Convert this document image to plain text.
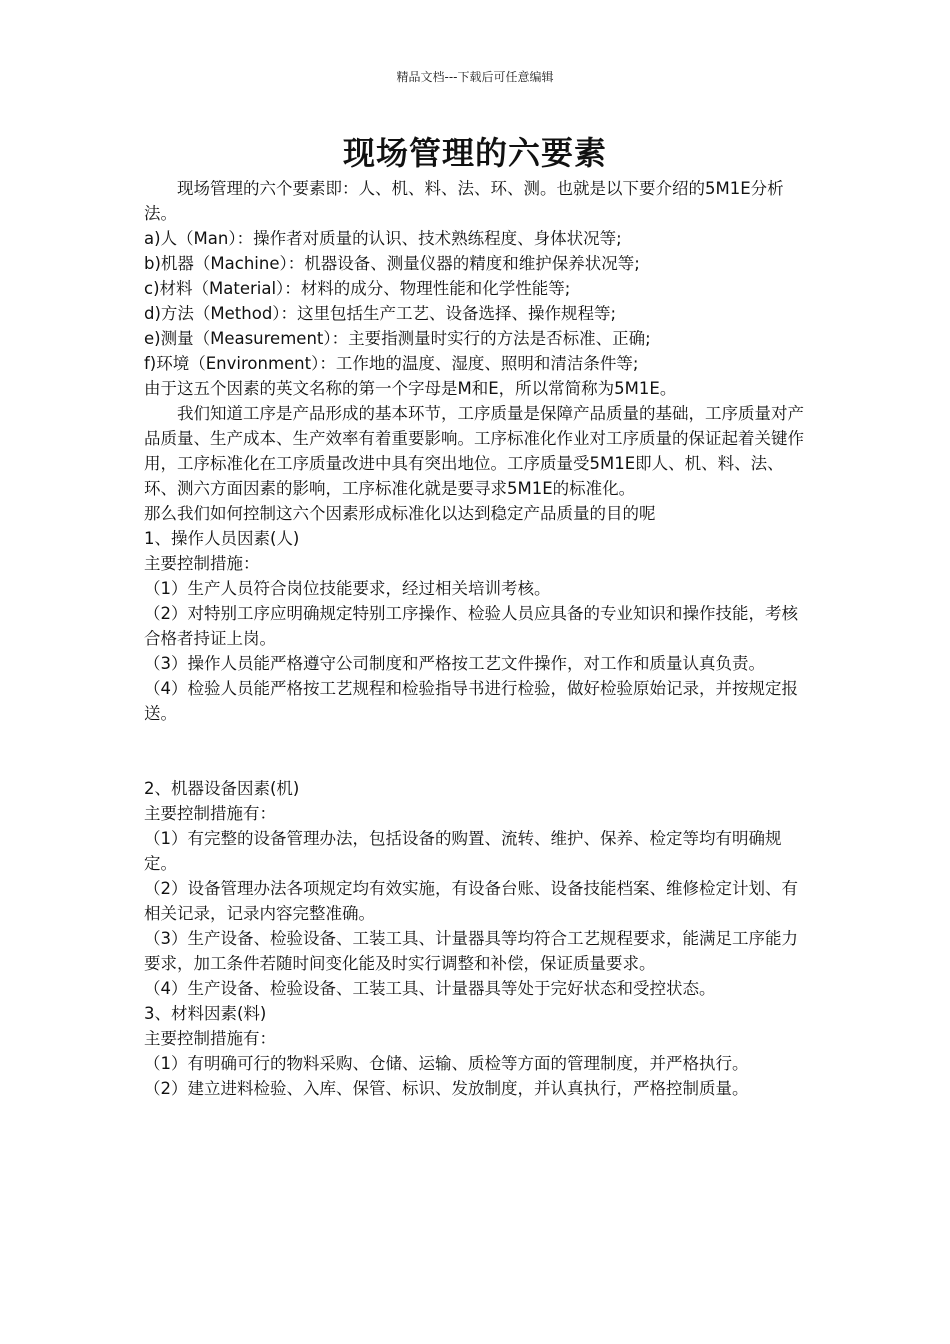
精品文档---下载后可任意编辑
现场管理的六要素

现场管理的六个要素即：人、机、料、法、环、测。也就是以下要介绍的5M1E分析法。

a)人（Man）：操作者对质量的认识、技术熟练程度、身体状况等;

b)机器（Machine）：机器设备、测量仪器的精度和维护保养状况等;

c)材料（Material）：材料的成分、物理性能和化学性能等;

d)方法（Method）：这里包括生产工艺、设备选择、操作规程等;

e)测量（Measurement）：主要指测量时实行的方法是否标准、正确;

f)环境（Environment）：工作地的温度、湿度、照明和清洁条件等;

由于这五个因素的英文名称的第一个字母是M和E，所以常简称为5M1E。

我们知道工序是产品形成的基本环节，工序质量是保障产品质量的基础，工序质量对产品质量、生产成本、生产效率有着重要影响。工序标准化作业对工序质量的保证起着关键作用，工序标准化在工序质量改进中具有突出地位。工序质量受5M1E即人、机、料、法、环、测六方面因素的影响，工序标准化就是要寻求5M1E的标准化。

那么我们如何控制这六个因素形成标准化以达到稳定产品质量的目的呢

1、操作人员因素(人)

主要控制措施：

（1）生产人员符合岗位技能要求，经过相关培训考核。

（2）对特别工序应明确规定特别工序操作、检验人员应具备的专业知识和操作技能，考核合格者持证上岗。

（3）操作人员能严格遵守公司制度和严格按工艺文件操作，对工作和质量认真负责。

（4）检验人员能严格按工艺规程和检验指导书进行检验，做好检验原始记录，并按规定报送。

2、机器设备因素(机)

主要控制措施有：

（1）有完整的设备管理办法，包括设备的购置、流转、维护、保养、检定等均有明确规定。

（2）设备管理办法各项规定均有效实施，有设备台账、设备技能档案、维修检定计划、有相关记录，记录内容完整准确。

（3）生产设备、检验设备、工装工具、计量器具等均符合工艺规程要求，能满足工序能力要求，加工条件若随时间变化能及时实行调整和补偿，保证质量要求。

（4）生产设备、检验设备、工装工具、计量器具等处于完好状态和受控状态。

3、材料因素(料)

主要控制措施有：

（1）有明确可行的物料采购、仓储、运输、质检等方面的管理制度，并严格执行。

（2）建立进料检验、入库、保管、标识、发放制度，并认真执行，严格控制质量。
